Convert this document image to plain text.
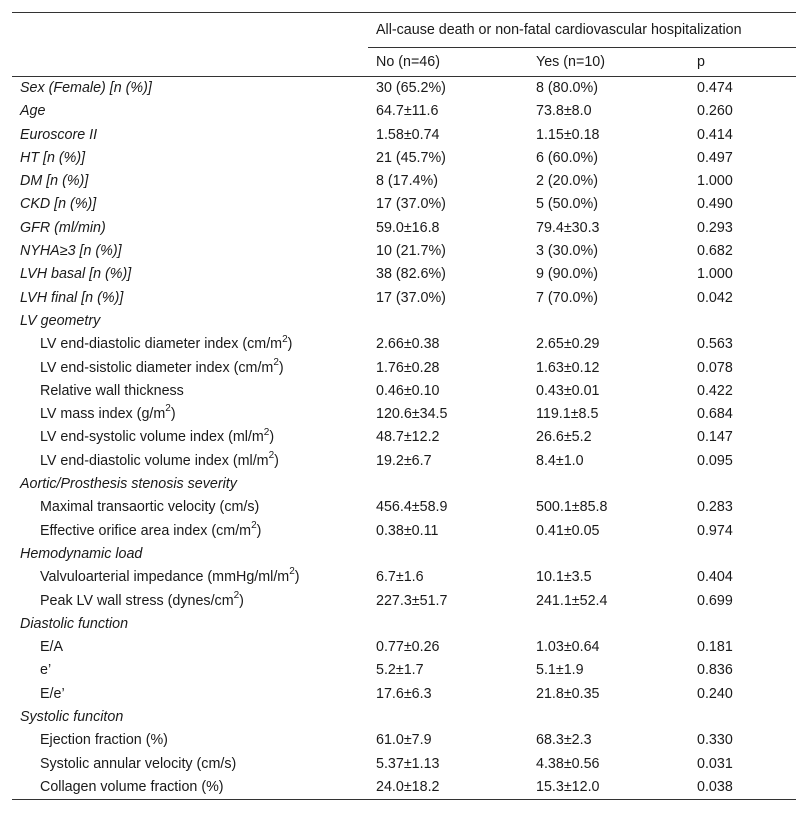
	All-cause death or non-fatal cardiovascular hospitalization		
	No (n=46)	Yes (n=10)	p
Sex (Female) [n (%)]	30 (65.2%)	8 (80.0%)	0.474
Age	64.7±11.6	73.8±8.0	0.260
Euroscore II	1.58±0.74	1.15±0.18	0.414
HT [n (%)]	21 (45.7%)	6 (60.0%)	0.497
DM [n (%)]	8 (17.4%)	2 (20.0%)	1.000
CKD [n (%)]	17 (37.0%)	5 (50.0%)	0.490
GFR (ml/min)	59.0±16.8	79.4±30.3	0.293
NYHA≥3 [n (%)]	10 (21.7%)	3 (30.0%)	0.682
LVH basal [n (%)]	38 (82.6%)	9 (90.0%)	1.000
LVH final [n (%)]	17 (37.0%)	7 (70.0%)	0.042
LV geometry			
LV end-diastolic diameter index $(cm/m^2)$	2.66±0.38	2.65±0.29	0.563
LV end-sistolic diameter index $(cm/m^2)$	1.76±0.28	1.63±0.12	0.078
Relative wall thickness	0.46±0.10	0.43±0.01	0.422
LV mass index $(g/m^2)$	120.6±34.5	119.1±8.5	0.684
LV end-systolic volume index $(ml/m^2)$	48.7±12.2	26.6±5.2	0.147
LV end-diastolic volume index $(ml/m^2)$	19.2±6.7	8.4±1.0	0.095
Aortic/Prosthesis stenosis severity			
Maximal transaortic velocity (cm/s)	456.4±58.9	500.1±85.8	0.283
Effective orifice area index $(cm/m^2)$	0.38±0.11	0.41±0.05	0.974
Hemodynamic load			
Valvuloarterial impedance $(mmHg/ml/m^2)$	6.7±1.6	10.1±3.5	0.404
Peak LV wall stress $(dynes/cm^2)$	227.3±51.7	241.1±52.4	0.699
Diastolic function			
E/A	0.77±0.26	1.03±0.64	0.181
e’	5.2±1.7	5.1±1.9	0.836
E/e’	17.6±6.3	21.8±0.35	0.240
Systolic funciton			
Ejection fraction (%)	61.0±7.9	68.3±2.3	0.330
Systolic annular velocity (cm/s)	5.37±1.13	4.38±0.56	0.031
Collagen volume fraction (%)	24.0±18.2	15.3±12.0	0.038
